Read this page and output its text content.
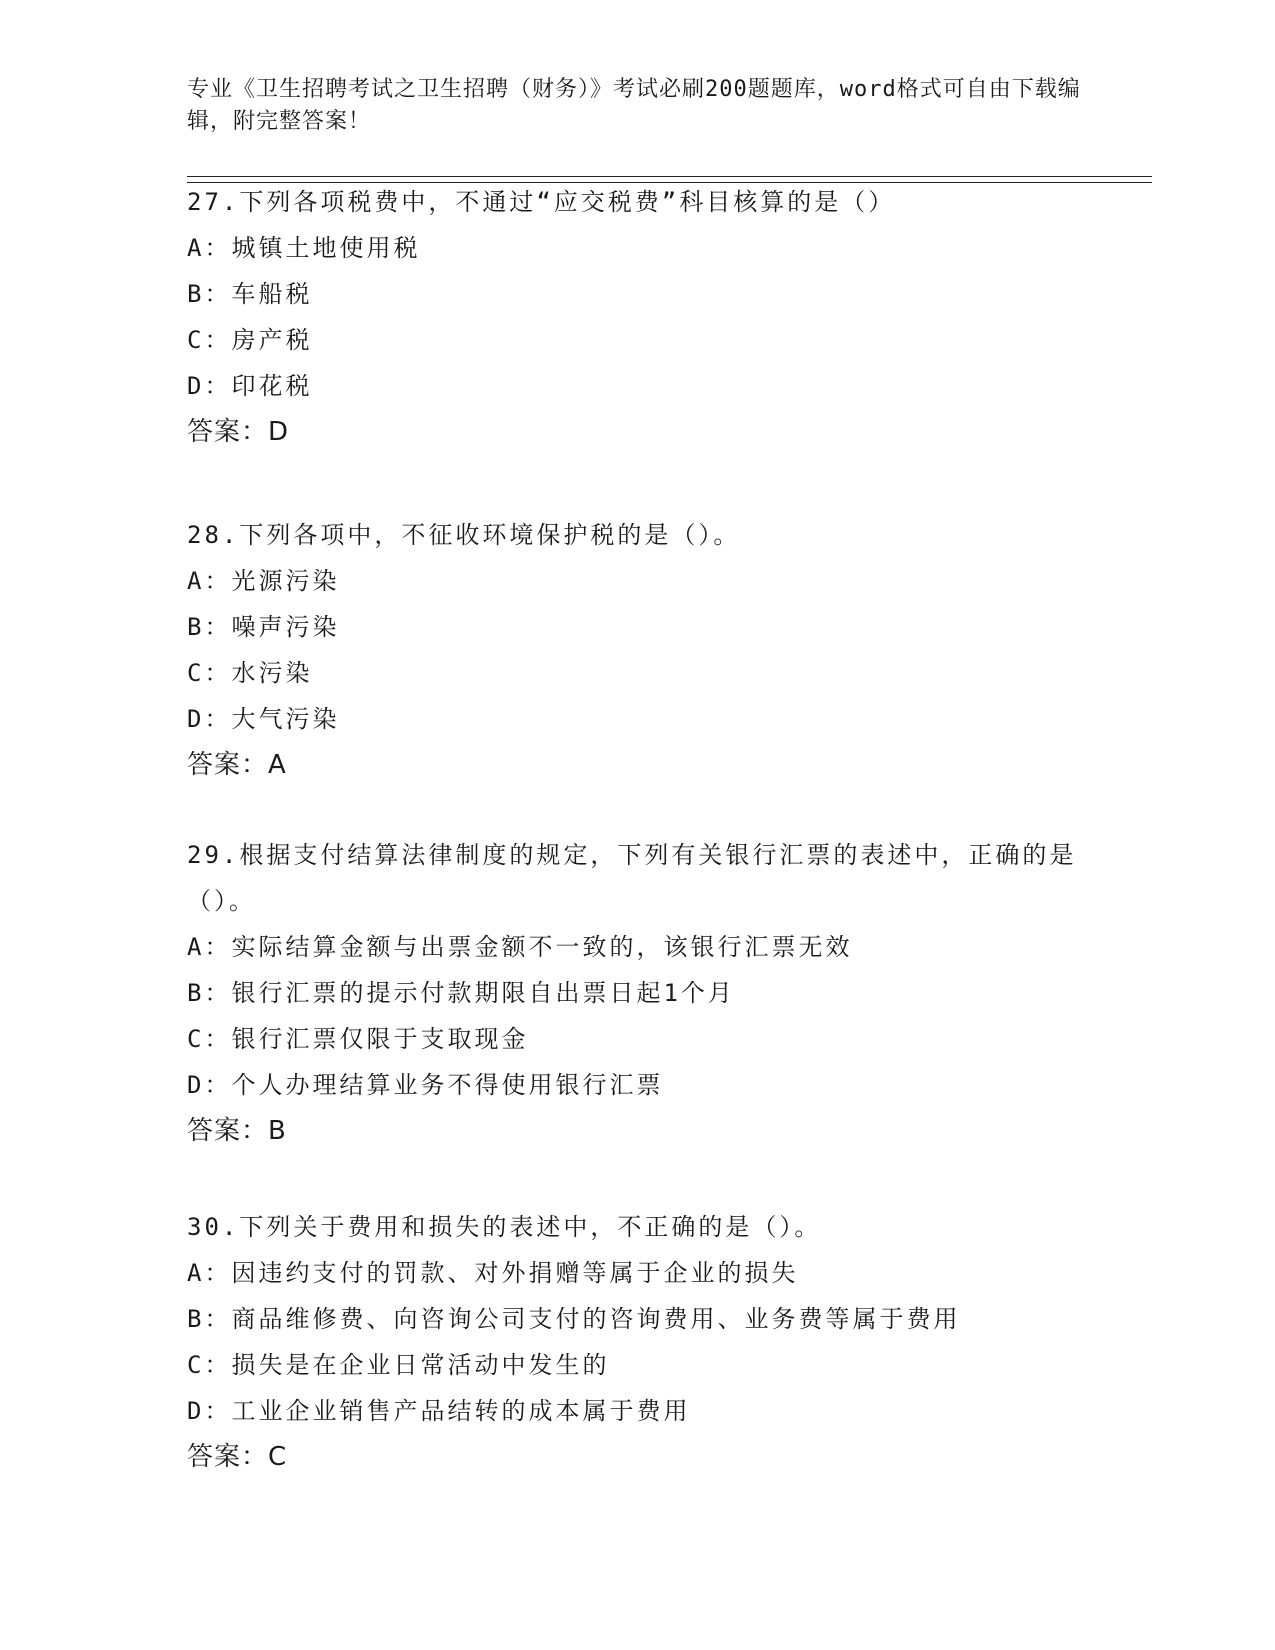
专业《卫生招聘考试之卫生招聘（财务）》考试必刷200题题库，word格式可自由下载编辑，附完整答案！
27.下列各项税费中，不通过“应交税费”科目核算的是（）
A：城镇土地使用税
B：车船税
C：房产税
D：印花税
答案：D
28.下列各项中，不征收环境保护税的是（）。
A：光源污染
B：噪声污染
C：水污染
D：大气污染
答案：A
29.根据支付结算法律制度的规定，下列有关银行汇票的表述中，正确的是（）。
A：实际结算金额与出票金额不一致的，该银行汇票无效
B：银行汇票的提示付款期限自出票日起1个月
C：银行汇票仅限于支取现金
D：个人办理结算业务不得使用银行汇票
答案：B
30.下列关于费用和损失的表述中，不正确的是（）。
A：因违约支付的罚款、对外捐赠等属于企业的损失
B：商品维修费、向咨询公司支付的咨询费用、业务费等属于费用
C：损失是在企业日常活动中发生的
D：工业企业销售产品结转的成本属于费用
答案：C
